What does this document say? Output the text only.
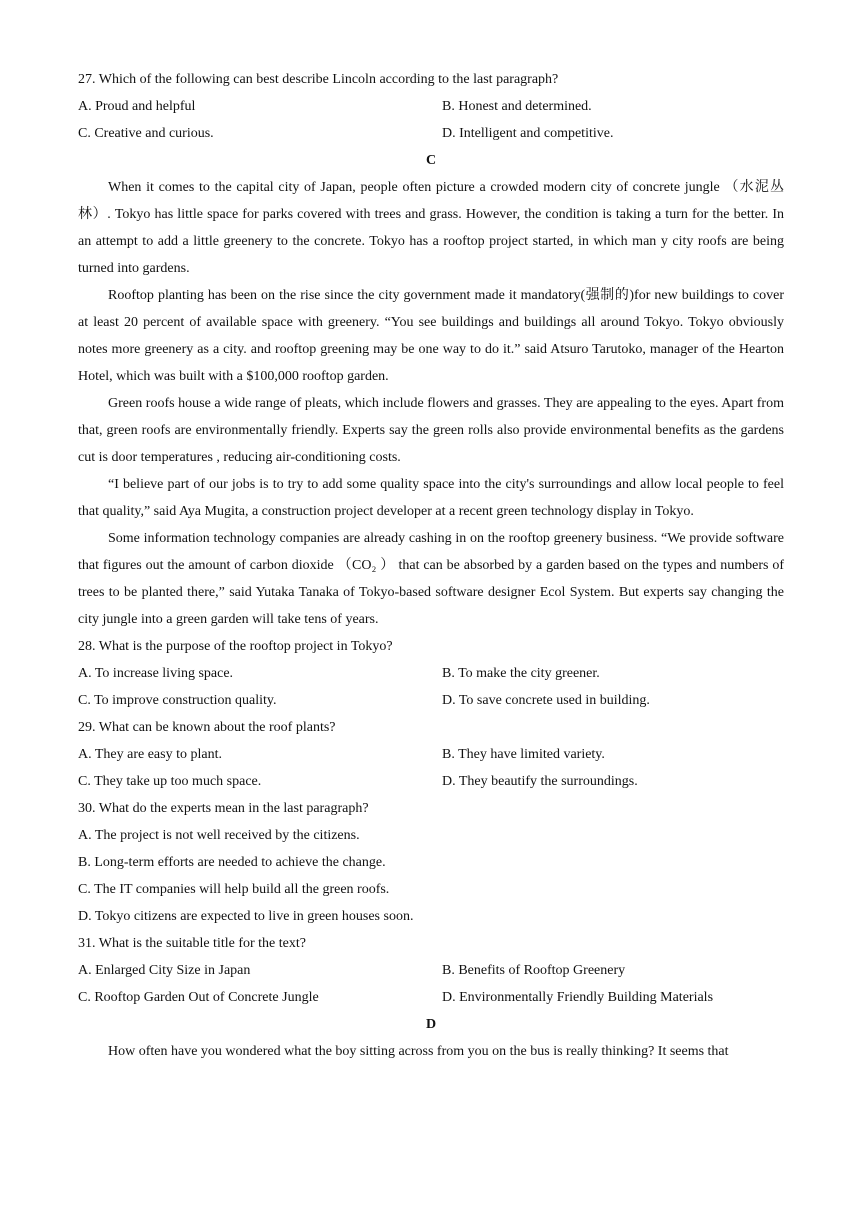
27. Which of the following can best describe Lincoln according to the last paragraph?
A. Proud and helpful	B. Honest and determined.
C. Creative and curious.	D. Intelligent and competitive.
C

When it comes to the capital city of Japan, people often picture a crowded modern city of concrete jungle （水泥丛林）. Tokyo has little space for parks covered with trees and grass. However, the condition is taking a turn for the better. In an attempt to add a little greenery to the concrete. Tokyo has a rooftop project started, in which man y city roofs are being turned into gardens.

Rooftop planting has been on the rise since the city government made it mandatory(强制的)for new buildings to cover at least 20 percent of available space with greenery. “You see buildings and buildings all around Tokyo. Tokyo obviously notes more greenery as a city. and rooftop greening may be one way to do it.” said Atsuro Tarutoko, manager of the Hearton Hotel, which was built with a $100,000 rooftop garden.

Green roofs house a wide range of pleats, which include flowers and grasses. They are appealing to the eyes. Apart from that, green roofs are environmentally friendly. Experts say the green rolls also provide environmental benefits as the gardens cut is door temperatures , reducing air-conditioning costs.

“I believe part of our jobs is to try to add some quality space into the city's surroundings and allow local people to feel that quality,” said Aya Mugita, a construction project developer at a recent green technology display in Tokyo.

Some information technology companies are already cashing in on the rooftop greenery business. “We provide software that figures out the amount of carbon dioxide （CO₂ ） that can be absorbed by a garden based on the types and numbers of trees to be planted there,” said Yutaka Tanaka of Tokyo-based software designer Ecol System. But experts say changing the city jungle into a green garden will take tens of years.

28. What is the purpose of the rooftop project in Tokyo?
A. To increase living space.	B. To make the city greener.
C. To improve construction quality.	D. To save concrete used in building.
29. What can be known about the roof plants?
A. They are easy to plant.	B. They have limited variety.
C. They take up too much space.	D. They beautify the surroundings.
30. What do the experts mean in the last paragraph?
A. The project is not well received by the citizens.
B. Long-term efforts are needed to achieve the change.
C. The IT companies will help build all the green roofs.
D. Tokyo citizens are expected to live in green houses soon.
31. What is the suitable title for the text?
A. Enlarged City Size in Japan	B. Benefits of Rooftop Greenery
C. Rooftop Garden Out of Concrete Jungle	D. Environmentally Friendly Building Materials
D
How often have you wondered what the boy sitting across from you on the bus is really thinking? It seems that
